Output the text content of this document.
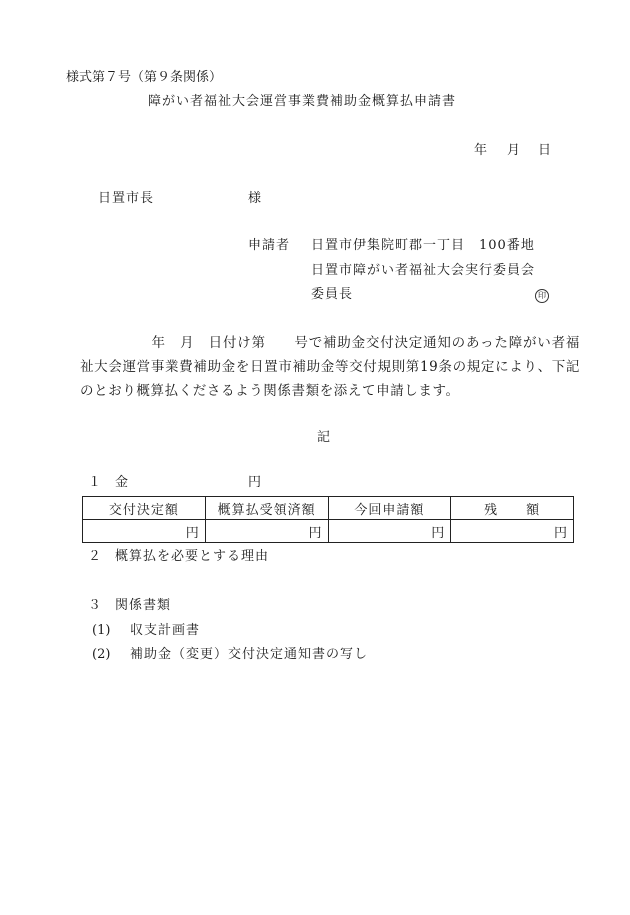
様式第７号（第９条関係）
障がい者福祉大会運営事業費補助金概算払申請書
年 月 日
日置市長	様
申請者 日置市伊集院町郡一丁目　100番地
日置市障がい者福祉大会実行委員会
委員長	印
　　　　　年　月　日付け第　　号で補助金交付決定通知のあった障がい者福祉大会運営事業費補助金を日置市補助金等交付規則第19条の規定により、下記のとおり概算払くださるよう関係書類を添えて申請します。
記
１ 金	円
交付決定額	概算払受領済額	今回申請額	残　　額
円	円	円	円
２ 概算払を必要とする理由
３ 関係書類
(1) 収支計画書
(2) 補助金（変更）交付決定通知書の写し
